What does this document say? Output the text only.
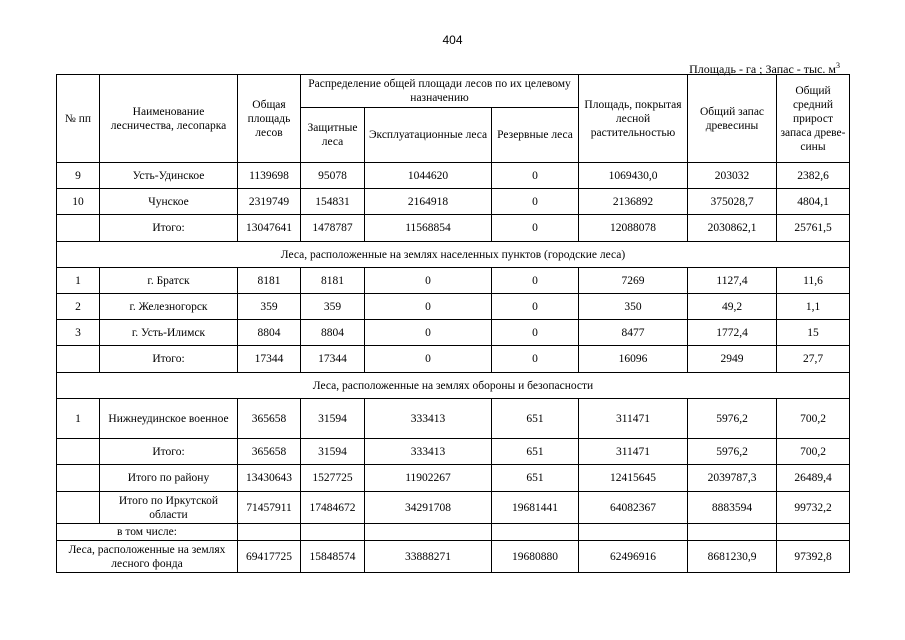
404
Площадь - га ; Запас - тыс. $м^3$
№ пп	Наименование лесничества, лесопарка	Общая площадь лесов	Распределение общей площади лесов по их целевому назначению			Площадь, покрытая лесной растительностью	Общий запас древесины	Общий средний прирост запаса древе-сины
			Защитные леса	Эксплуатационные леса	Резервные леса			
9	Усть-Удинское	1139698	95078	1044620	0	1069430,0	203032	2382,6
10	Чунское	2319749	154831	2164918	0	2136892	375028,7	4804,1
	Итого:	13047641	1478787	11568854	0	12088078	2030862,1	25761,5
Леса, расположенные на землях населенных пунктов (городские леса)								
1	г. Братск	8181	8181	0	0	7269	1127,4	11,6
2	г. Железногорск	359	359	0	0	350	49,2	1,1
3	г. Усть-Илимск	8804	8804	0	0	8477	1772,4	15
	Итого:	17344	17344	0	0	16096	2949	27,7
Леса, расположенные на землях обороны и безопасности								
1	Нижнеудинское военное	365658	31594	333413	651	311471	5976,2	700,2
	Итого:	365658	31594	333413	651	311471	5976,2	700,2
	Итого по району	13430643	1527725	11902267	651	12415645	2039787,3	26489,4
	Итого по Иркутской области	71457911	17484672	34291708	19681441	64082367	8883594	99732,2
в том числе:								
Леса, расположенные на землях лесного фонда		69417725	15848574	33888271	19680880	62496916	8681230,9	97392,8
